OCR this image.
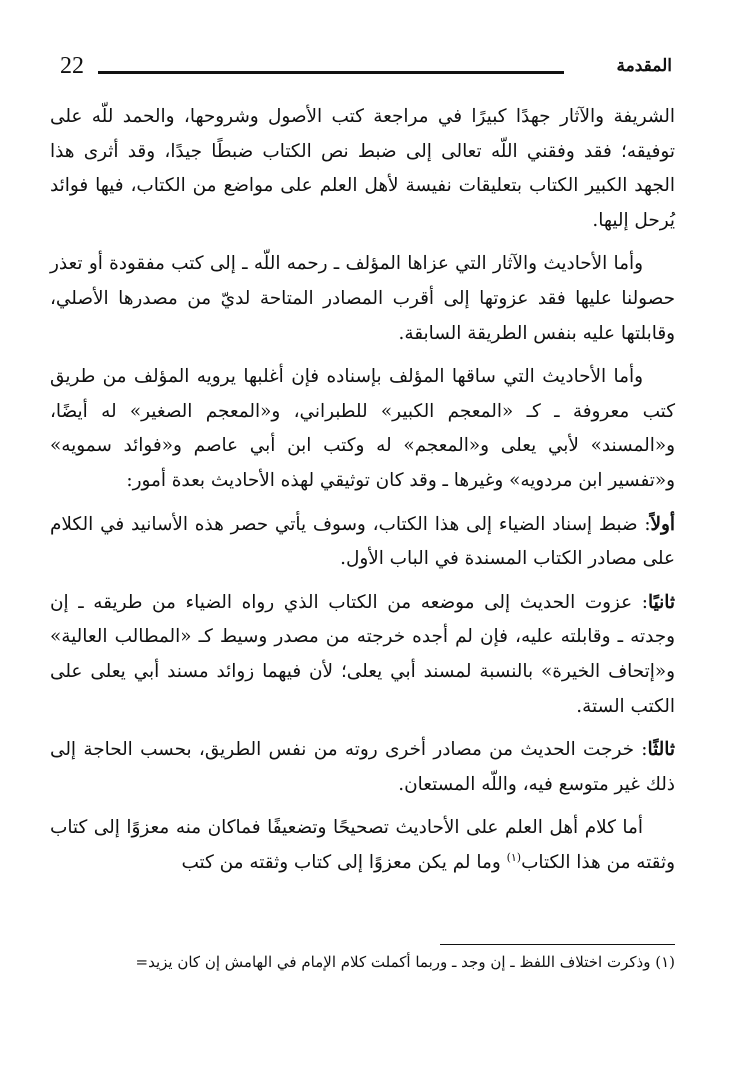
22	المقدمة

الشريفة والآثار جهدًا كبيرًا في مراجعة كتب الأصول وشروحها، والحمد للّه على توفيقه؛ فقد وفقني اللّه تعالى إلى ضبط نص الكتاب ضبطًا جيدًا، وقد أثرى هذا الجهد الكبير الكتاب بتعليقات نفيسة لأهل العلم على مواضع من الكتاب، فيها فوائد يُرحل إليها.

وأما الأحاديث والآثار التي عزاها المؤلف ـ رحمه اللّه ـ إلى كتب مفقودة أو تعذر حصولنا عليها فقد عزوتها إلى أقرب المصادر المتاحة لديّ من مصدرها الأصلي، وقابلتها عليه بنفس الطريقة السابقة.

وأما الأحاديث التي ساقها المؤلف بإسناده فإن أغلبها يرويه المؤلف من طريق كتب معروفة ـ كـ «المعجم الكبير» للطبراني، و«المعجم الصغير» له أيضًا، و«المسند» لأبي يعلى و«المعجم» له وكتب ابن أبي عاصم و«فوائد سمويه» و«تفسير ابن مردويه» وغيرها ـ وقد كان توثيقي لهذه الأحاديث بعدة أمور:

أولاً: ضبط إسناد الضياء إلى هذا الكتاب، وسوف يأتي حصر هذه الأسانيد في الكلام على مصادر الكتاب المسندة في الباب الأول.

ثانيًا: عزوت الحديث إلى موضعه من الكتاب الذي رواه الضياء من طريقه ـ إن وجدته ـ وقابلته عليه، فإن لم أجده خرجته من مصدر وسيط كـ «المطالب العالية» و«إتحاف الخيرة» بالنسبة لمسند أبي يعلى؛ لأن فيهما زوائد مسند أبي يعلى على الكتب الستة.

ثالثًا: خرجت الحديث من مصادر أخرى روته من نفس الطريق، بحسب الحاجة إلى ذلك غير متوسع فيه، واللّه المستعان.

أما كلام أهل العلم على الأحاديث تصحيحًا وتضعيفًا فماكان منه معزوًا إلى كتاب وثقته من هذا الكتاب$^{(١)}$ وما لم يكن معزوًا إلى كتاب وثقته من كتب

(١) وذكرت اختلاف اللفظ ـ إن وجد ـ وربما أكملت كلام الإمام في الهامش إن كان يزيد=
